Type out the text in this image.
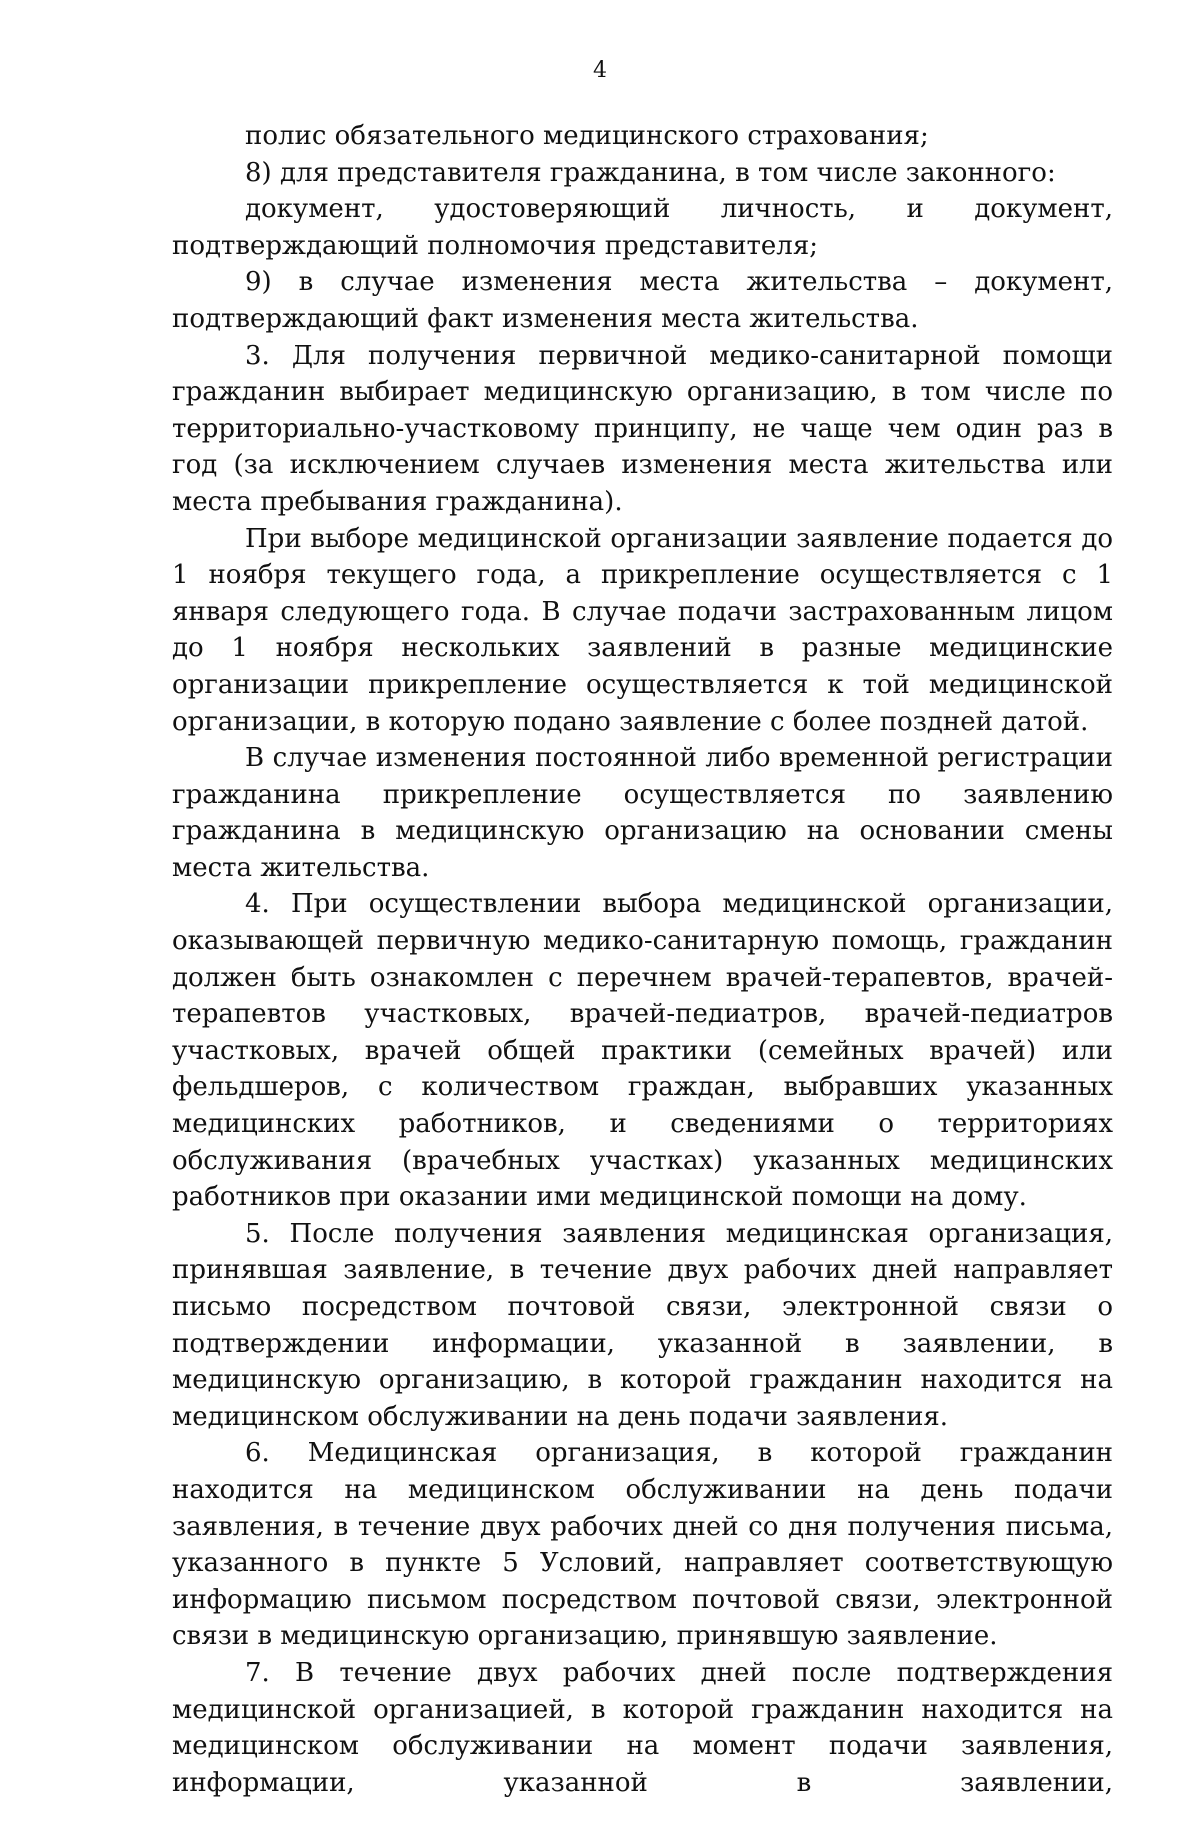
4

полис обязательного медицинского страхования;

8) для представителя гражданина, в том числе законного:

документ, удостоверяющий личность, и документ, подтверждающий полномочия представителя;

9) в случае изменения места жительства – документ, подтверждающий факт изменения места жительства.

3. Для получения первичной медико-санитарной помощи гражданин выбирает медицинскую организацию, в том числе по территориально-участковому принципу, не чаще чем один раз в год (за исключением случаев изменения места жительства или места пребывания гражданина).

При выборе медицинской организации заявление подается до 1 ноября текущего года, а прикрепление осуществляется с 1 января следующего года. В случае подачи застрахованным лицом до 1 ноября нескольких заявлений в разные медицинские организации прикрепление осуществляется к той медицинской организации, в которую подано заявление с более поздней датой.

В случае изменения постоянной либо временной регистрации гражданина прикрепление осуществляется по заявлению гражданина в медицинскую организацию на основании смены места жительства.

4. При осуществлении выбора медицинской организации, оказывающей первичную медико-санитарную помощь, гражданин должен быть ознакомлен с перечнем врачей-терапевтов, врачей-терапевтов участковых, врачей-педиатров, врачей-педиатров участковых, врачей общей практики (семейных врачей) или фельдшеров, с количеством граждан, выбравших указанных медицинских работников, и сведениями о территориях обслуживания (врачебных участках) указанных медицинских работников при оказании ими медицинской помощи на дому.

5. После получения заявления медицинская организация, принявшая заявление, в течение двух рабочих дней направляет письмо посредством почтовой связи, электронной связи о подтверждении информации, указанной в заявлении, в медицинскую организацию, в которой гражданин находится на медицинском обслуживании на день подачи заявления.

6. Медицинская организация, в которой гражданин находится на медицинском обслуживании на день подачи заявления, в течение двух рабочих дней со дня получения письма, указанного в пункте 5 Условий, направляет соответствующую информацию письмом посредством почтовой связи, электронной связи в медицинскую организацию, принявшую заявление.

7. В течение двух рабочих дней после подтверждения медицинской организацией, в которой гражданин находится на медицинском обслуживании на момент подачи заявления, информации, указанной в заявлении,
